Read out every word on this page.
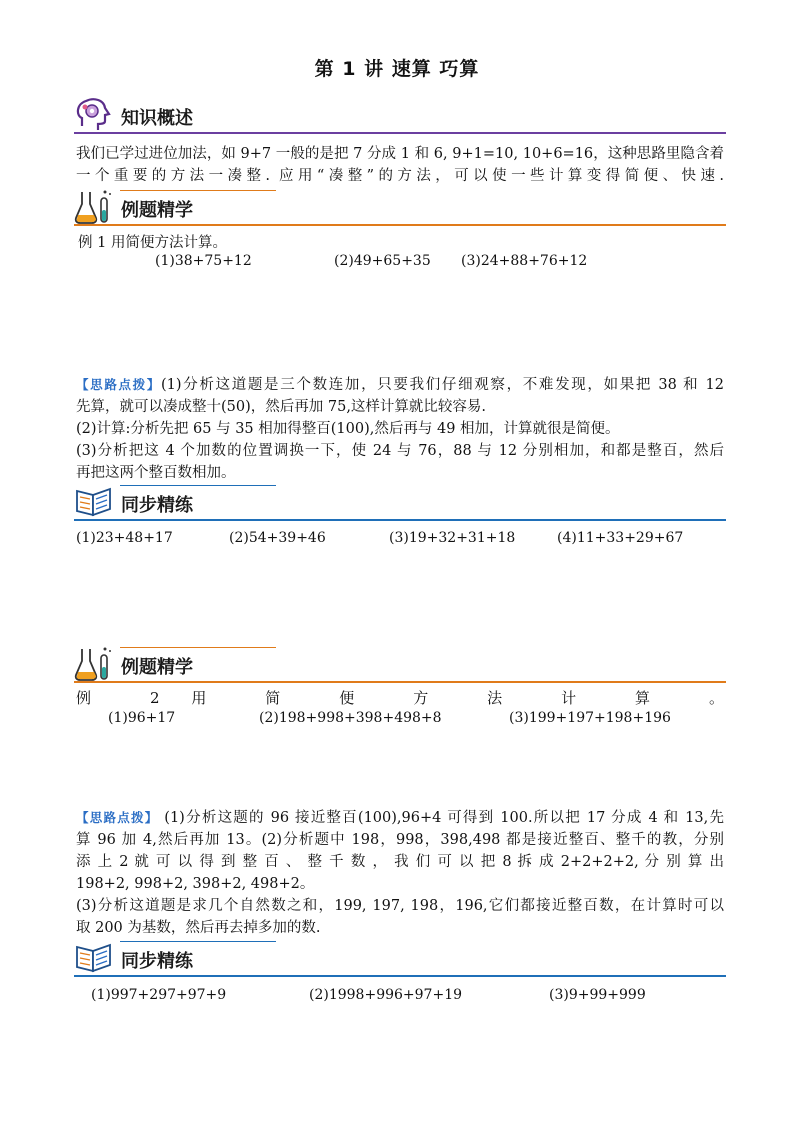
第 1 讲 速算 巧算
知识概述
我们已学过进位加法，如 9+7 一般的是把 7 分成 1 和 6, 9+1=10, 10+6=16，这种思路里隐含着
一个重要的方法一凑整. 应用“凑整”的方法，可以使一些计算变得简便、快速.
例题精学
例 1 用简便方法计算。
(1)38+75+12	(2)49+65+35 (3)24+88+76+12
【思路点拨】(1)分析这道题是三个数连加，只要我们仔细观察，不难发现，如果把 38 和 12
先算，就可以凑成整十(50)，然后再加 75,这样计算就比较容易.
(2)计算:分析先把 65 与 35 相加得整百(100),然后再与 49 相加，计算就很是简便。
(3)分析把这 4 个加数的位置调换一下，使 24 与 76，88 与 12 分别相加，和都是整百，然后
再把这两个整百数相加。
同步精练
(1)23+48+17	(2)54+39+46	(3)19+32+31+18	(4)11+33+29+67
例题精学
例 2 用 简 便 方 法 计 算 。
(1)96+17	(2)198+998+398+498+8	(3)199+197+198+196
【思路点拨】 (1)分析这题的 96 接近整百(100),96+4 可得到 100.所以把 17 分成 4 和 13,先
算 96 加 4,然后再加 13。(2)分析题中 198，998，398,498 都是接近整百、整千的教，分别
添 上 2 就 可 以 得 到 整 百 、 整 千 数 ， 我 们 可 以 把 8 拆 成 2+2+2+2, 分 别 算 出
198+2, 998+2, 398+2, 498+2。
(3)分析这道题是求几个自然数之和，199, 197, 198，196,它们都接近整百数，在计算时可以
取 200 为基数，然后再去掉多加的数.
同步精练
(1)997+297+97+9	(2)1998+996+97+19	(3)9+99+999
